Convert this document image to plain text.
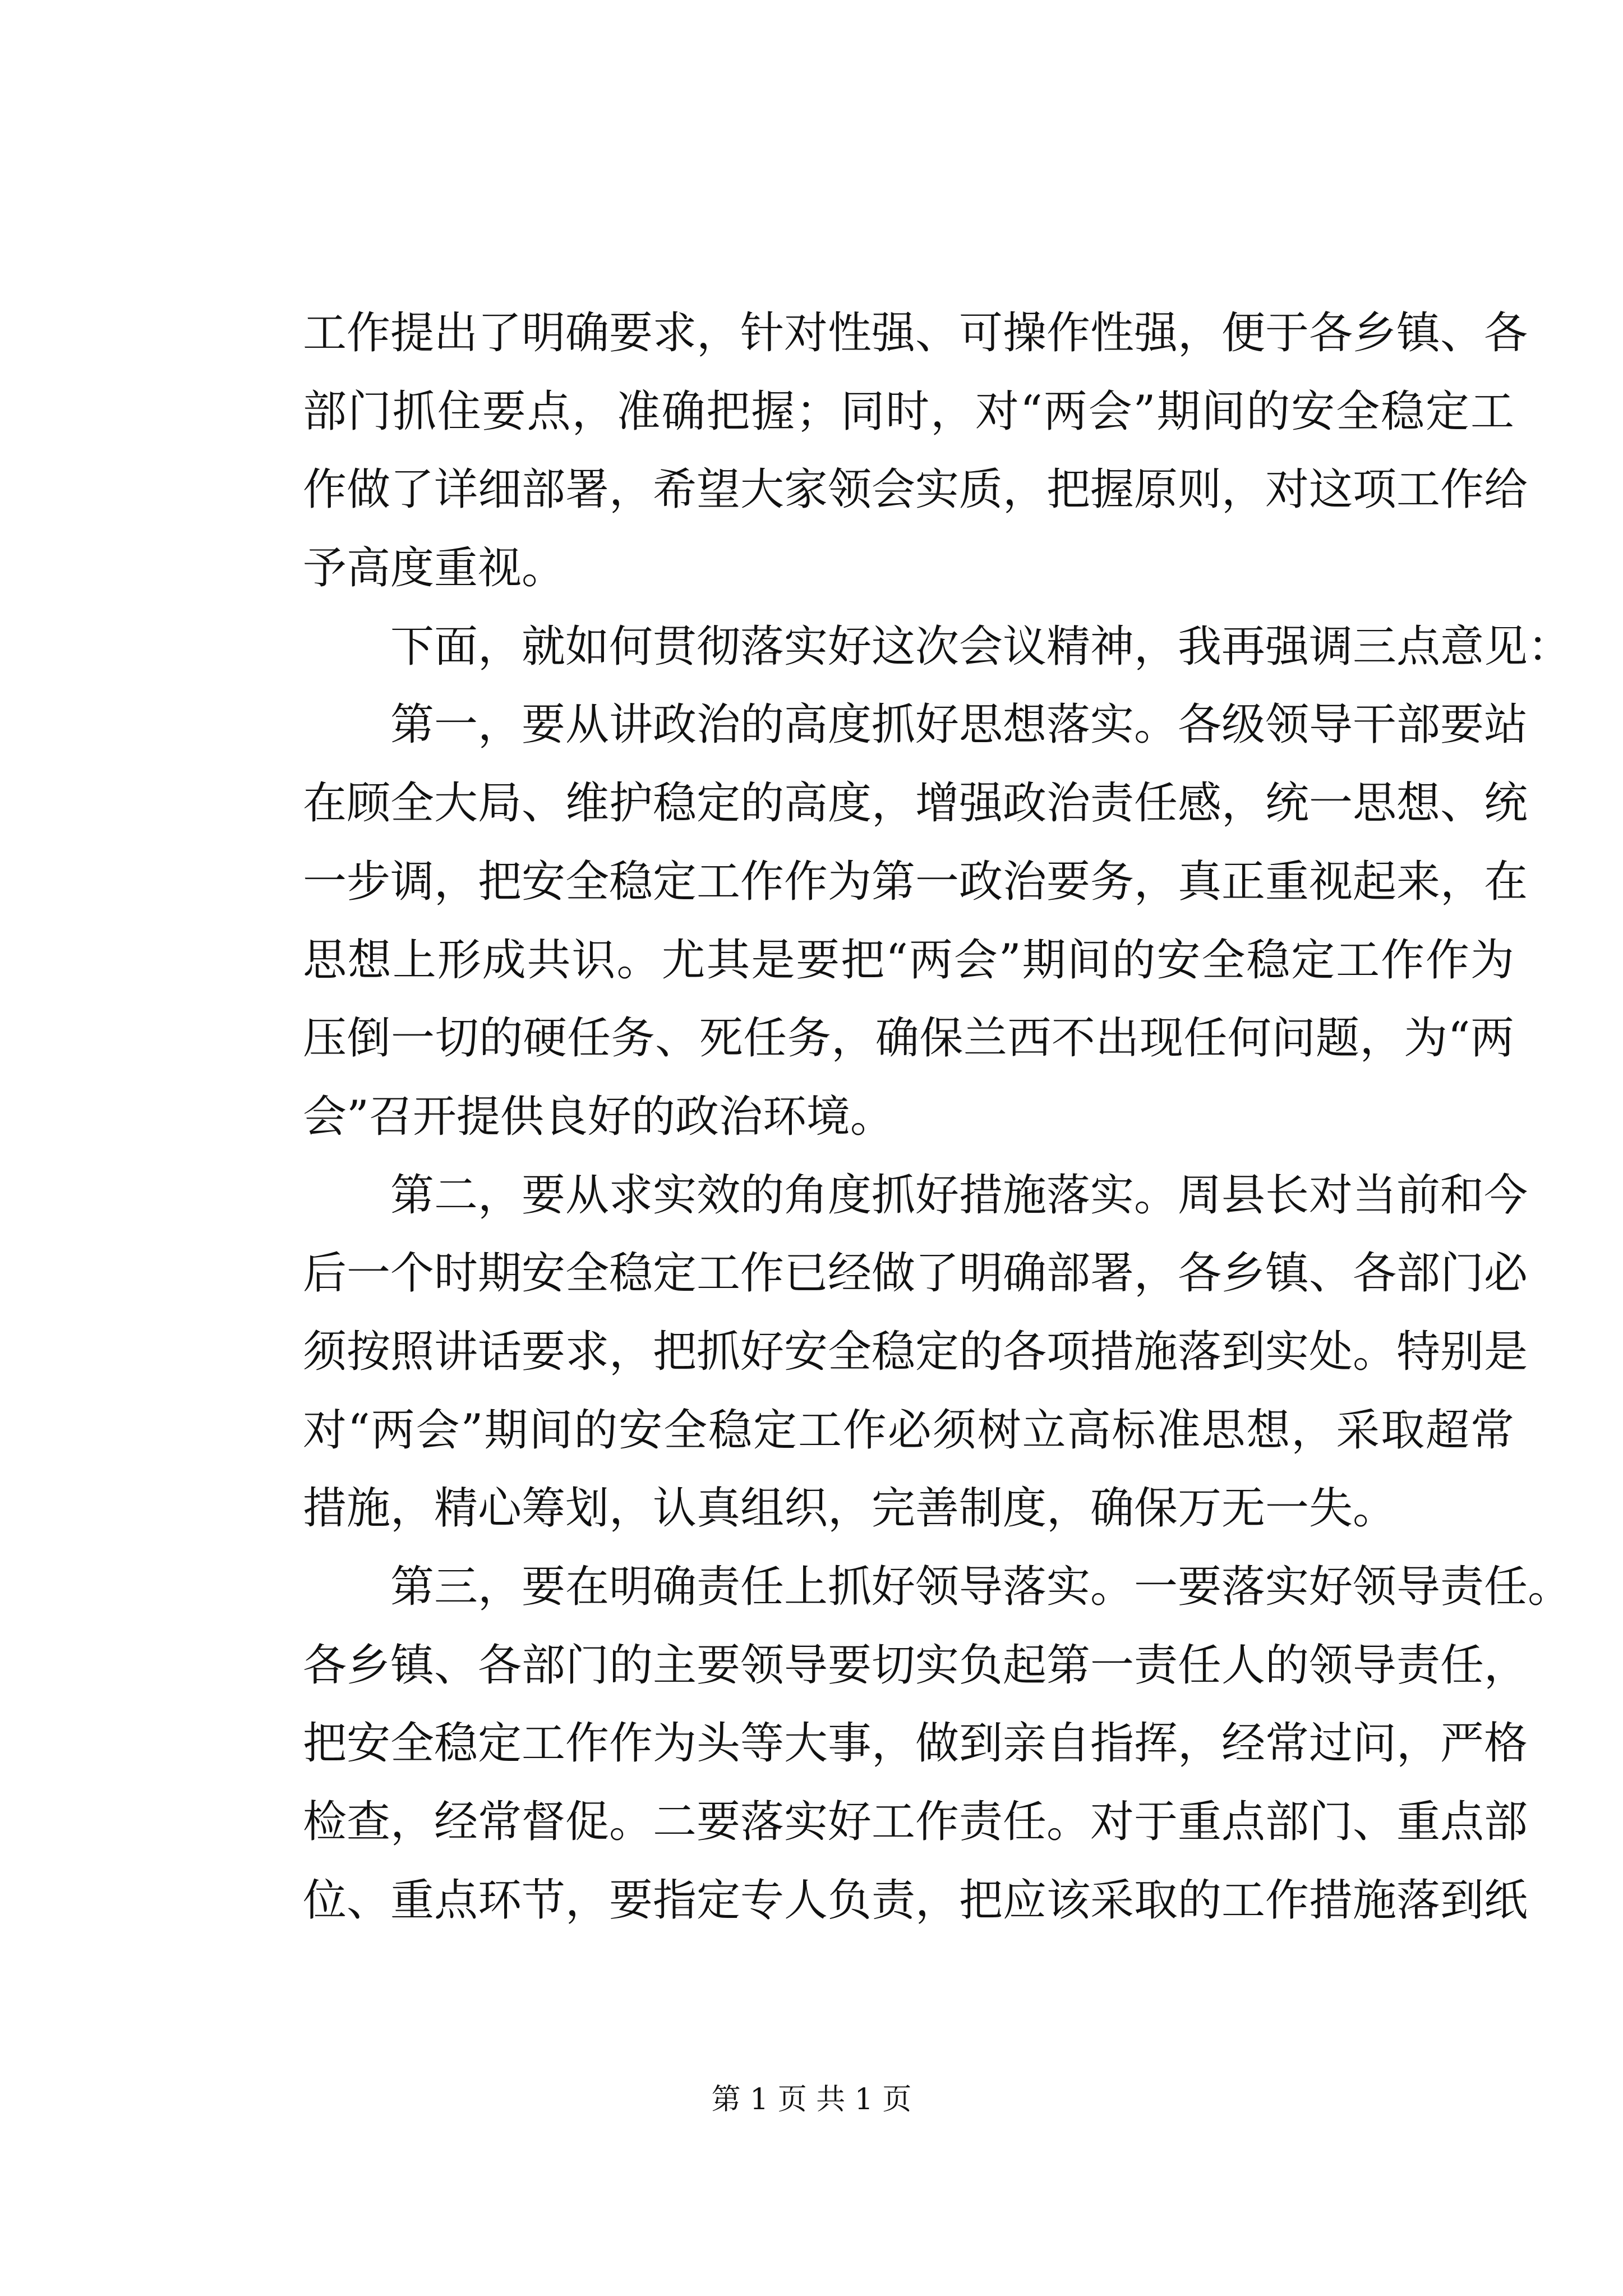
工作提出了明确要求，针对性强、可操作性强，便于各乡镇、各
部门抓住要点，准确把握；同时，对“两会”期间的安全稳定工
作做了详细部署，希望大家领会实质，把握原则，对这项工作给
予高度重视。
　　下面，就如何贯彻落实好这次会议精神，我再强调三点意见：
　　第一，要从讲政治的高度抓好思想落实。各级领导干部要站
在顾全大局、维护稳定的高度，增强政治责任感，统一思想、统
一步调，把安全稳定工作作为第一政治要务，真正重视起来，在
思想上形成共识。尤其是要把“两会”期间的安全稳定工作作为
压倒一切的硬任务、死任务，确保兰西不出现任何问题，为“两
会”召开提供良好的政治环境。
　　第二，要从求实效的角度抓好措施落实。周县长对当前和今
后一个时期安全稳定工作已经做了明确部署，各乡镇、各部门必
须按照讲话要求，把抓好安全稳定的各项措施落到实处。特别是
对“两会”期间的安全稳定工作必须树立高标准思想，采取超常
措施，精心筹划，认真组织，完善制度，确保万无一失。
　　第三，要在明确责任上抓好领导落实。一要落实好领导责任。
各乡镇、各部门的主要领导要切实负起第一责任人的领导责任，
把安全稳定工作作为头等大事，做到亲自指挥，经常过问，严格
检查，经常督促。二要落实好工作责任。对于重点部门、重点部
位、重点环节，要指定专人负责，把应该采取的工作措施落到纸
第 1 页 共 1 页
